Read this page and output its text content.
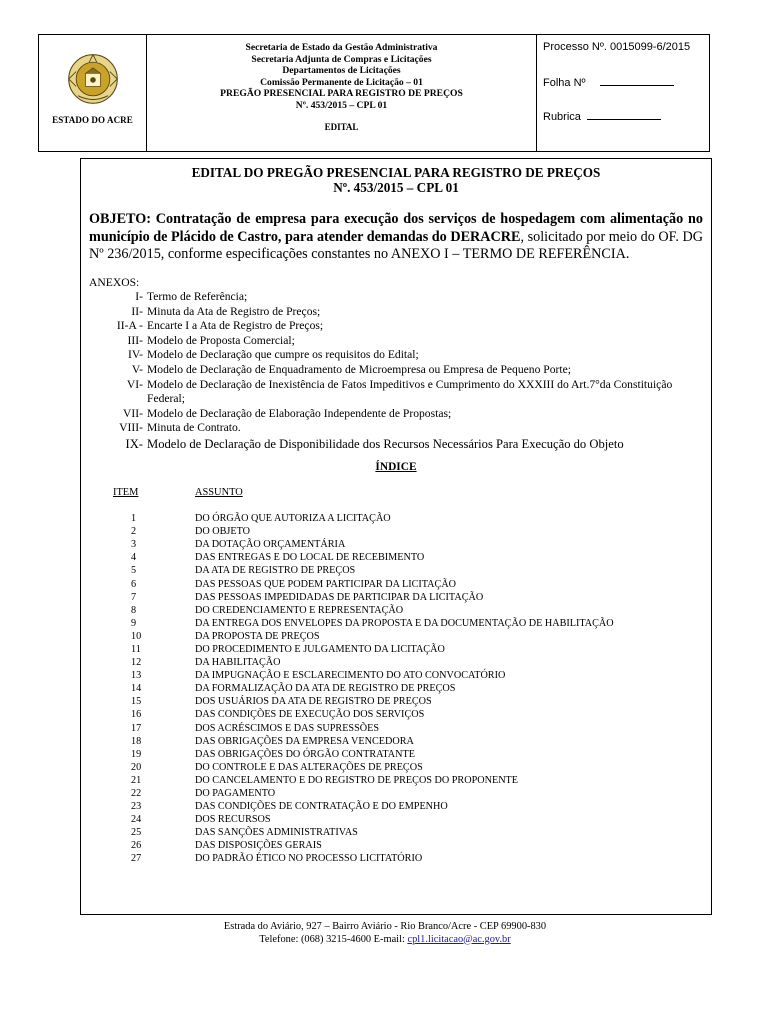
ESTADO DO ACRE
Secretaria de Estado da Gestão Administrativa
Secretaria Adjunta de Compras e Licitações
Departamentos de Licitações
Comissão Permanente de Licitação – 01
PREGÃO PRESENCIAL PARA REGISTRO DE PREÇOS
Nº. 453/2015 – CPL 01
EDITAL
Processo Nº. 0015099-6/2015
Folha Nº
Rubrica
EDITAL DO PREGÃO PRESENCIAL PARA REGISTRO DE PREÇOS
Nº. 453/2015 – CPL 01
OBJETO: Contratação de empresa para execução dos serviços de hospedagem com alimentação no município de Plácido de Castro, para atender demandas do DERACRE, solicitado por meio do OF. DG Nº 236/2015, conforme especificações constantes no ANEXO I – TERMO DE REFERÊNCIA.
ANEXOS:
I- Termo de Referência;
II- Minuta da Ata de Registro de Preços;
II-A - Encarte I a Ata de Registro de Preços;
III- Modelo de Proposta Comercial;
IV- Modelo de Declaração que cumpre os requisitos do Edital;
V- Modelo de Declaração de Enquadramento de Microempresa ou Empresa de Pequeno Porte;
VI- Modelo de Declaração de Inexistência de Fatos Impeditivos e Cumprimento do XXXIII do Art.7°da Constituição Federal;
VII- Modelo de Declaração de Elaboração Independente de Propostas;
VIII- Minuta de Contrato.
IX- Modelo de Declaração de Disponibilidade dos Recursos Necessários Para Execução do Objeto
ÍNDICE
ITEM	ASSUNTO
1	DO ÓRGÃO QUE AUTORIZA A LICITAÇÃO
2	DO OBJETO
3	DA DOTAÇÃO ORÇAMENTÁRIA
4	DAS ENTREGAS E DO LOCAL DE RECEBIMENTO
5	DA ATA DE REGISTRO DE PREÇOS
6	DAS PESSOAS QUE PODEM PARTICIPAR DA LICITAÇÃO
7	DAS PESSOAS IMPEDIDADAS DE PARTICIPAR DA LICITAÇÃO
8	DO CREDENCIAMENTO E REPRESENTAÇÃO
9	DA ENTREGA DOS ENVELOPES DA PROPOSTA E DA DOCUMENTAÇÃO DE HABILITAÇÃO
10	DA PROPOSTA DE PREÇOS
11	DO PROCEDIMENTO E JULGAMENTO DA LICITAÇÃO
12	DA HABILITAÇÃO
13	DA IMPUGNAÇÃO E ESCLARECIMENTO DO ATO CONVOCATÓRIO
14	DA FORMALIZAÇÃO DA ATA DE REGISTRO DE PREÇOS
15	DOS USUÁRIOS DA ATA DE REGISTRO DE PREÇOS
16	DAS CONDIÇÕES DE EXECUÇÃO DOS SERVIÇOS
17	DOS ACRÉSCIMOS E DAS SUPRESSÕES
18	DAS OBRIGAÇÕES DA EMPRESA VENCEDORA
19	DAS OBRIGAÇÕES DO ÓRGÃO CONTRATANTE
20	DO CONTROLE E DAS ALTERAÇÕES DE PREÇOS
21	DO CANCELAMENTO E DO REGISTRO DE PREÇOS DO PROPONENTE
22	DO PAGAMENTO
23	DAS CONDIÇÕES DE CONTRATAÇÃO E DO EMPENHO
24	DOS RECURSOS
25	DAS SANÇÕES ADMINISTRATIVAS
26	DAS DISPOSIÇÕES GERAIS
27	DO PADRÃO ÉTICO NO PROCESSO LICITATÓRIO
Estrada do Aviário, 927 – Bairro Aviário - Rio Branco/Acre - CEP 69900-830
Telefone: (068) 3215-4600 E-mail: cpl1.licitacao@ac.gov.br
